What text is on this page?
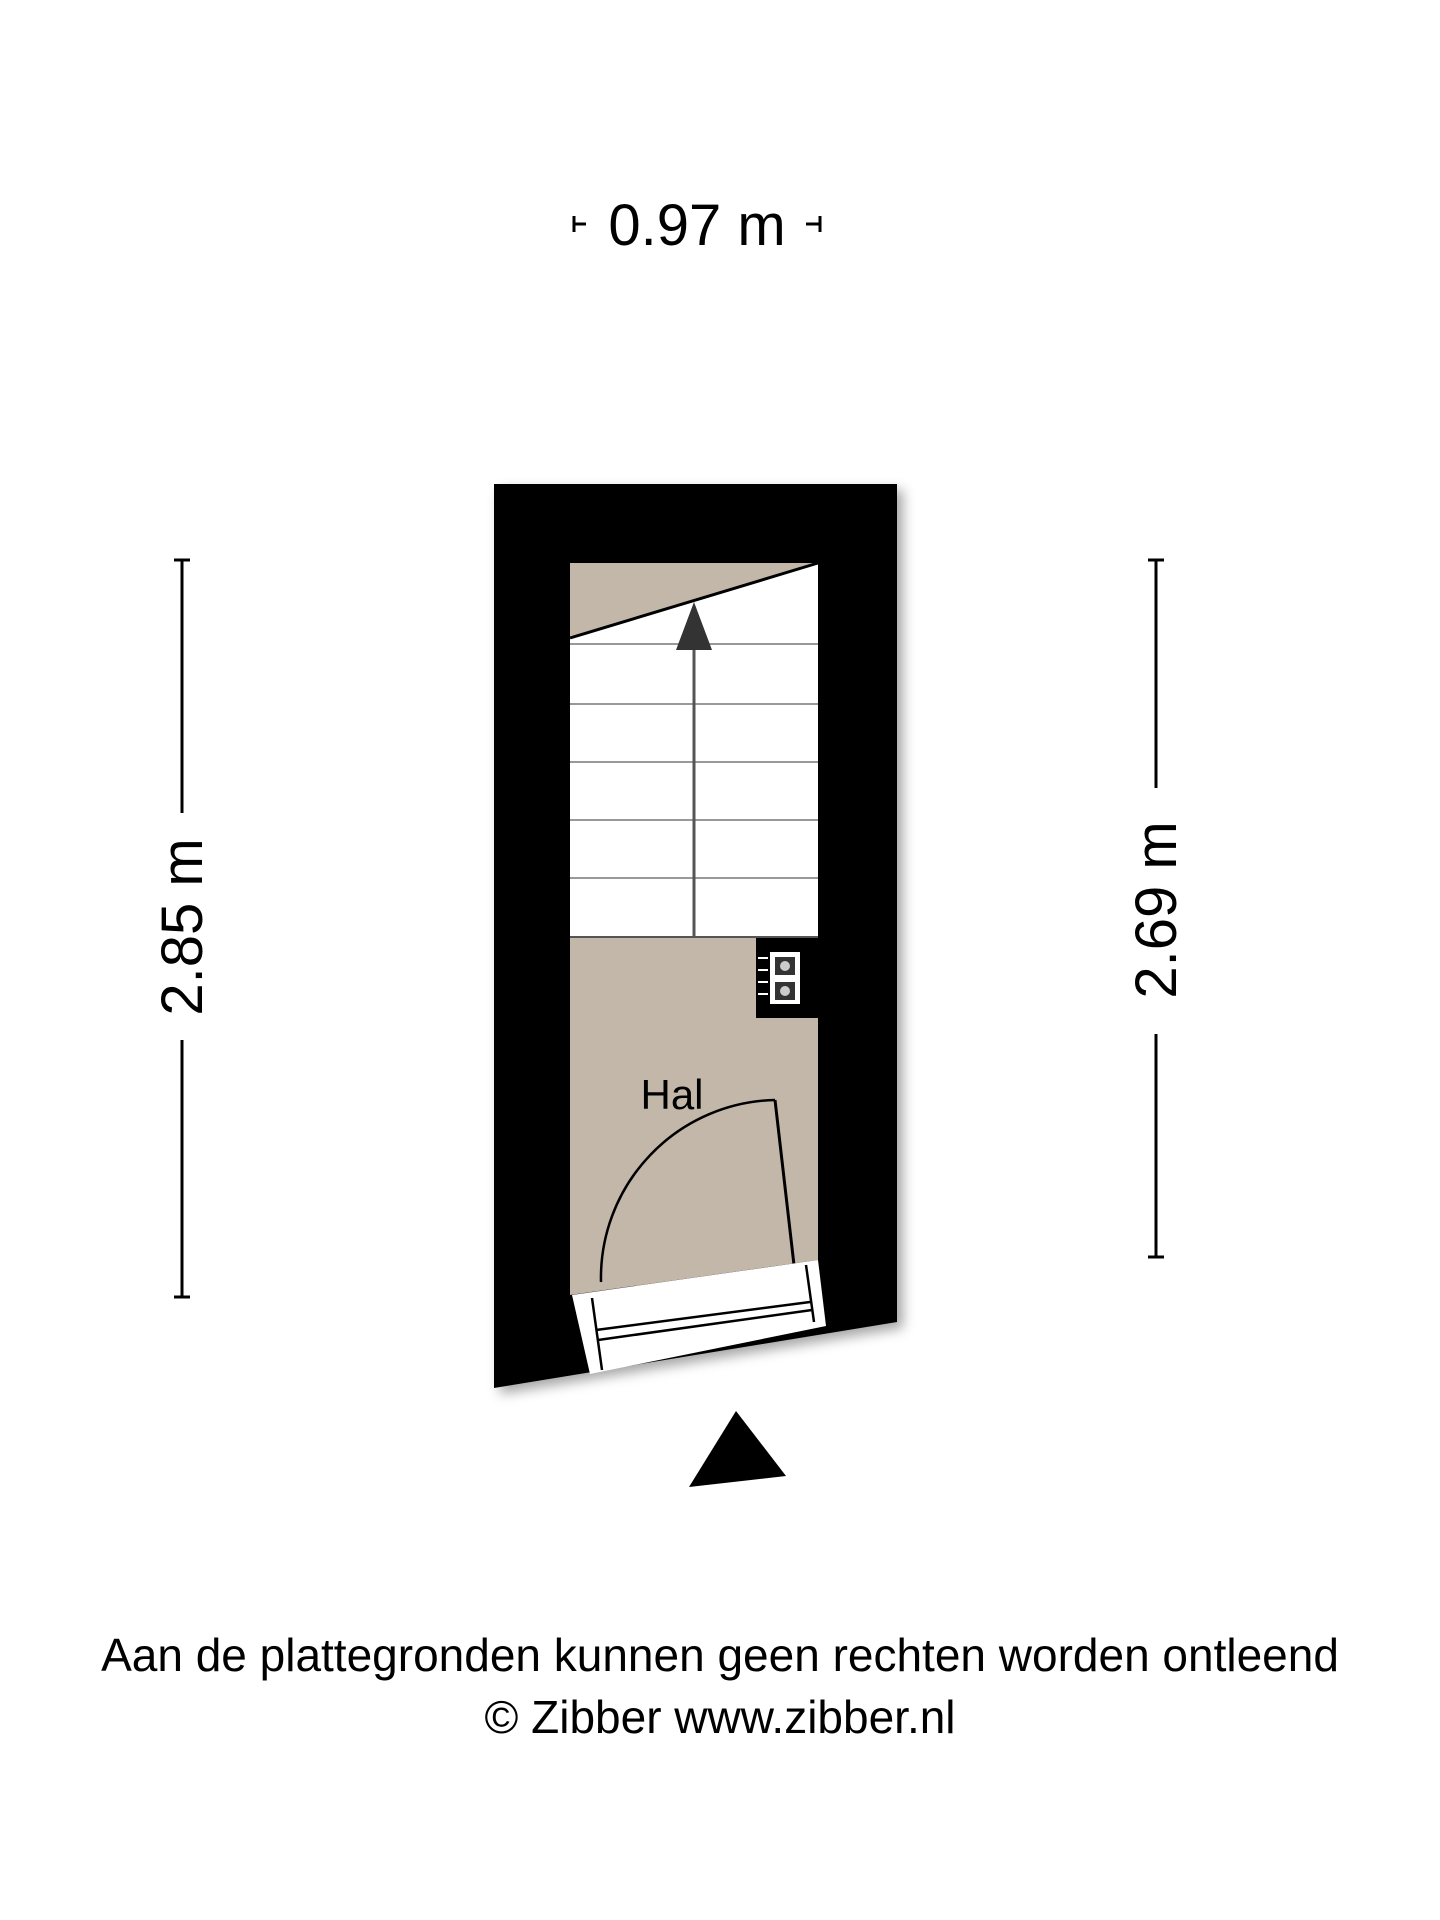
0.97 m
2.85 m	2.69 m
Hal
Aan de plattegronden kunnen geen rechten worden ontleend
© Zibber www.zibber.nl
